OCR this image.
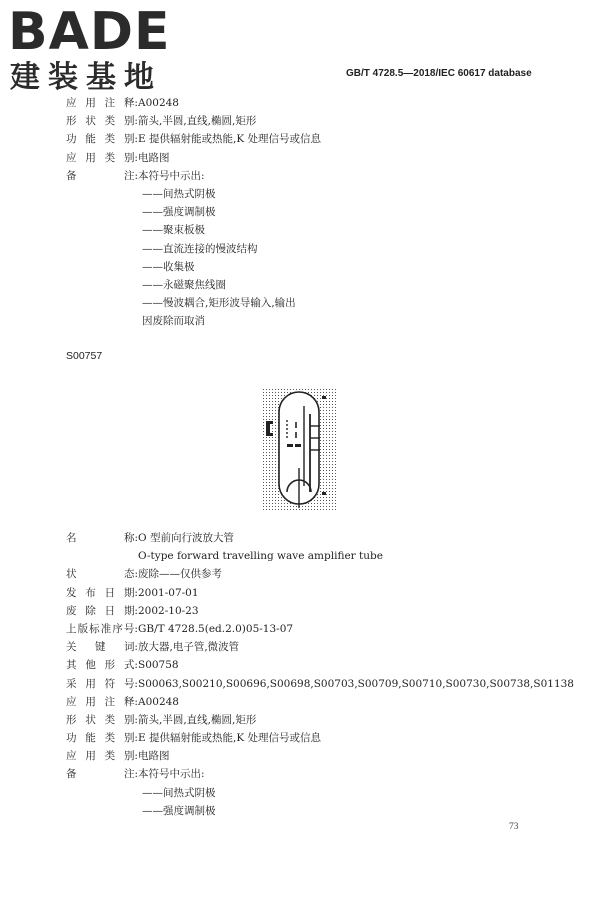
BADE
建装基地	GB/T 4728.5—2018/IEC 60617 database
应 用 注 释: A00248
形 状 类 别: 箭头,半圆,直线,椭圆,矩形
功 能 类 别: E 提供辐射能或热能,K 处理信号或信息
应 用 类 别: 电路图
备	注: 本符号中示出:
——间热式阴极
——强度调制极
——聚束板极
——直流连接的慢波结构
——收集极
——永磁聚焦线圈
——慢波耦合,矩形波导输入,输出
因废除而取消
S00757
名	称: O 型前向行波放大管
O-type forward travelling wave amplifier tube
状	态: 废除——仅供参考
发 布 日 期: 2001-07-01
废 除 日 期: 2002-10-23
上 版 标 准 序 号: GB/T 4728.5(ed.2.0)05-13-07
关 键 词: 放大器,电子管,微波管
其 他 形 式: S00758
采 用 符 号: S00063,S00210,S00696,S00698,S00703,S00709,S00710,S00730,S00738,S01138
应 用 注 释: A00248
形 状 类 别: 箭头,半圆,直线,椭圆,矩形
功 能 类 别: E 提供辐射能或热能,K 处理信号或信息
应 用 类 别: 电路图
备	注: 本符号中示出:
——间热式阴极
——强度调制极
73
